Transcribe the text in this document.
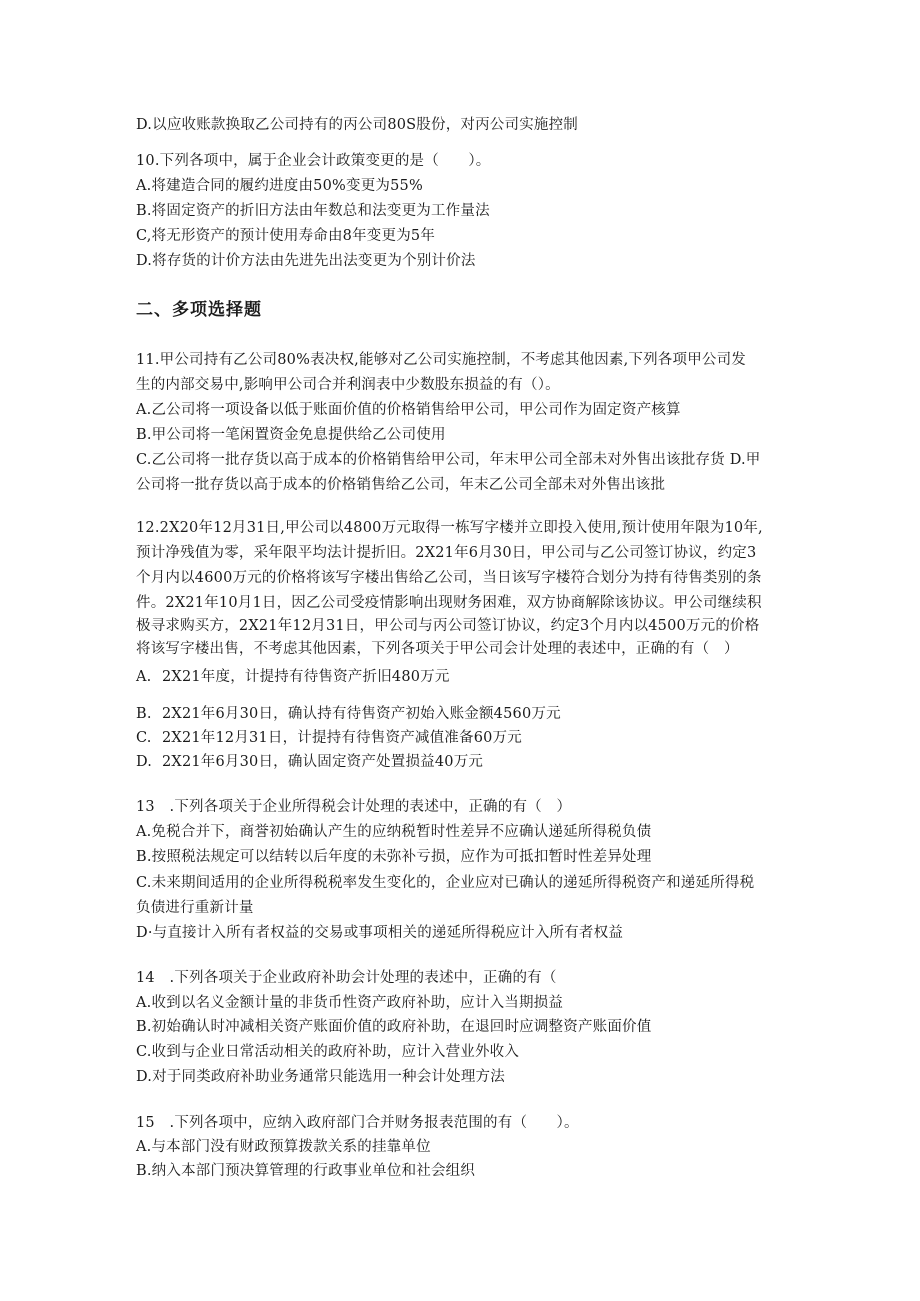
D.以应收账款换取乙公司持有的丙公司80S股份，对丙公司实施控制
10.下列各项中，属于企业会计政策变更的是（　　）。
A.将建造合同的履约进度由50%变更为55%
B.将固定资产的折旧方法由年数总和法变更为工作量法
C,将无形资产的预计使用寿命由8年变更为5年
D.将存货的计价方法由先进先出法变更为个别计价法
二、多项选择题
11.甲公司持有乙公司80%表决权,能够对乙公司实施控制，不考虑其他因素,下列各项甲公司发
生的内部交易中,影响甲公司合并利润表中少数股东损益的有（）。
A.乙公司将一项设备以低于账面价值的价格销售给甲公司，甲公司作为固定资产核算
B.甲公司将一笔闲置资金免息提供给乙公司使用
C.乙公司将一批存货以高于成本的价格销售给甲公司，年末甲公司全部未对外售出该批存货 D.甲
公司将一批存货以高于成本的价格销售给乙公司，年末乙公司全部未对外售出该批
12.2X20年12月31日,甲公司以4800万元取得一栋写字楼并立即投入使用,预计使用年限为10年,
预计净残值为零，采年限平均法计提折旧。2X21年6月30日，甲公司与乙公司签订协议，约定3
个月内以4600万元的价格将该写字楼出售给乙公司，当日该写字楼符合划分为持有待售类别的条
件。2X21年10月1日，因乙公司受疫情影响出现财务困难，双方协商解除该协议。甲公司继续积
极寻求购买方，2X21年12月31日，甲公司与丙公司签订协议，约定3个月内以4500万元的价格
将该写字楼出售，不考虑其他因素，下列各项关于甲公司会计处理的表述中，正确的有（　）
A. 2X21年度，计提持有待售资产折旧480万元
B. 2X21年6月30日，确认持有待售资产初始入账金额4560万元
C. 2X21年12月31日，计提持有待售资产减值准备60万元
D. 2X21年6月30日，确认固定资产处置损益40万元
13　.下列各项关于企业所得税会计处理的表述中，正确的有（　）
A.免税合并下，商誉初始确认产生的应纳税暂时性差异不应确认递延所得税负债
B.按照税法规定可以结转以后年度的未弥补亏损，应作为可抵扣暂时性差异处理
C.未来期间适用的企业所得税税率发生变化的，企业应对已确认的递延所得税资产和递延所得税
负债进行重新计量
D·与直接计入所有者权益的交易或事项相关的递延所得税应计入所有者权益
14　.下列各项关于企业政府补助会计处理的表述中，正确的有（
A.收到以名义金额计量的非货币性资产政府补助，应计入当期损益
B.初始确认时冲减相关资产账面价值的政府补助，在退回时应调整资产账面价值
C.收到与企业日常活动相关的政府补助，应计入营业外收入
D.对于同类政府补助业务通常只能选用一种会计处理方法
15　.下列各项中，应纳入政府部门合并财务报表范围的有（　　）。
A.与本部门没有财政预算拨款关系的挂靠单位
B.纳入本部门预决算管理的行政事业单位和社会组织
